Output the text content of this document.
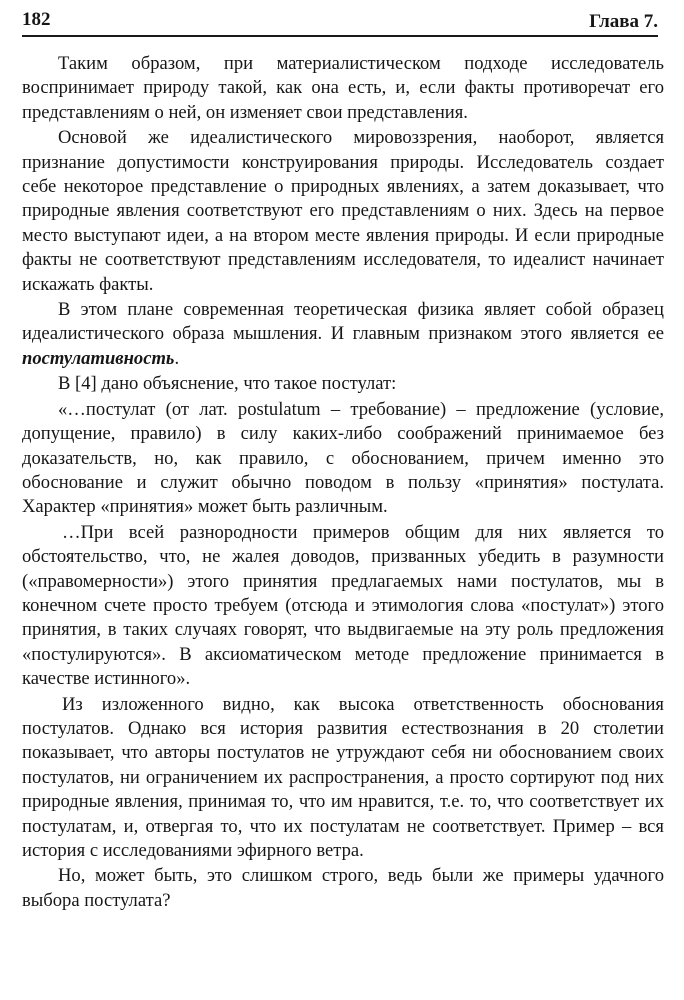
182	Глава 7.

Таким образом, при материалистическом подходе исследователь воспринимает природу такой, как она есть, и, если факты противоречат его представлениям о ней, он изменяет свои представления.

Основой же идеалистического мировоззрения, наоборот, является признание допустимости конструирования природы. Исследователь создает себе некоторое представление о природных явлениях, а затем доказывает, что природные явления соответствуют его представлениям о них. Здесь на первое место выступают идеи, а на втором месте явления природы. И если природные факты не соответствуют представлениям исследователя, то идеалист начинает искажать факты.

В этом плане современная теоретическая физика являет собой образец идеалистического образа мышления. И главным признаком этого является ее постулативность.

В [4] дано объяснение, что такое постулат:

«…постулат (от лат. postulatum – требование) – предложение (условие, допущение, правило) в силу каких-либо соображений принимаемое без доказательств, но, как правило, с обоснованием, причем именно это обоснование и служит обычно поводом в пользу «принятия» постулата. Характер «принятия» может быть различным.

…При всей разнородности примеров общим для них является то обстоятельство, что, не жалея доводов, призванных убедить в разумности («правомерности») этого принятия предлагаемых нами постулатов, мы в конечном счете просто требуем (отсюда и этимология слова «постулат») этого принятия, в таких случаях говорят, что выдвигаемые на эту роль предложения «постулируются». В аксиоматическом методе предложение принимается в качестве истинного».

Из изложенного видно, как высока ответственность обоснования постулатов. Однако вся история развития естествознания в 20 столетии показывает, что авторы постулатов не утруждают себя ни обоснованием своих постулатов, ни ограничением их распространения, а просто сортируют под них природные явления, принимая то, что им нравится, т.е. то, что соответствует их постулатам, и, отвергая то, что их постулатам не соответствует. Пример – вся история с исследованиями эфирного ветра.

Но, может быть, это слишком строго, ведь были же примеры удачного выбора постулата?
